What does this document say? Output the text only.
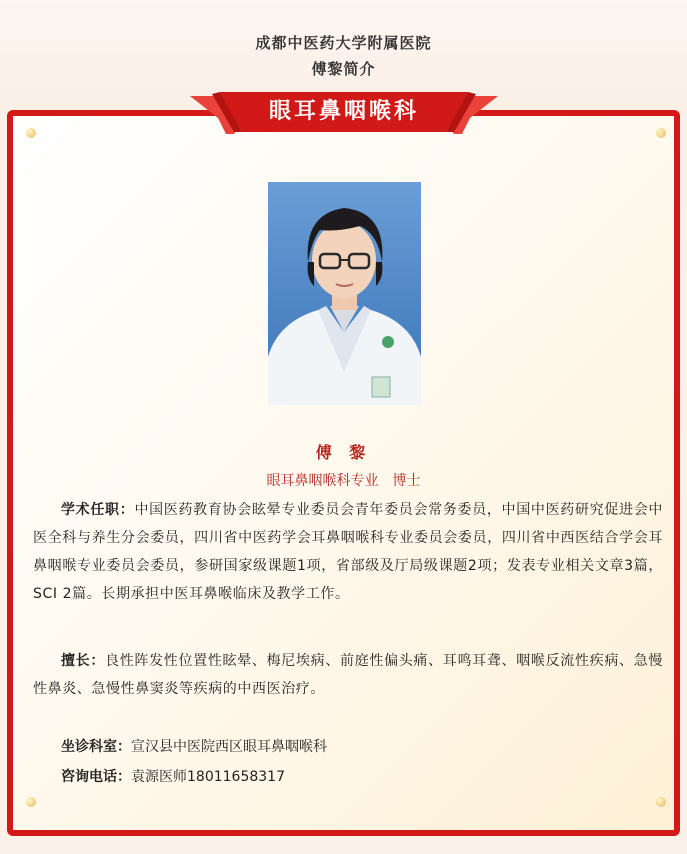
成都中医药大学附属医院
傅黎简介
眼耳鼻咽喉科
傅 黎
眼耳鼻咽喉科专业　博士
学术任职：中国医药教育协会眩晕专业委员会青年委员会常务委员，中国中医药研究促进会中医全科与养生分会委员，四川省中医药学会耳鼻咽喉科专业委员会委员，四川省中西医结合学会耳鼻咽喉专业委员会委员，参研国家级课题1项，省部级及厅局级课题2项；发表专业相关文章3篇，SCI 2篇。长期承担中医耳鼻喉临床及教学工作。
擅长：良性阵发性位置性眩晕、梅尼埃病、前庭性偏头痛、耳鸣耳聋、咽喉反流性疾病、急慢性鼻炎、急慢性鼻窦炎等疾病的中西医治疗。
坐诊科室：宣汉县中医院西区眼耳鼻咽喉科
咨询电话：袁源医师18011658317
